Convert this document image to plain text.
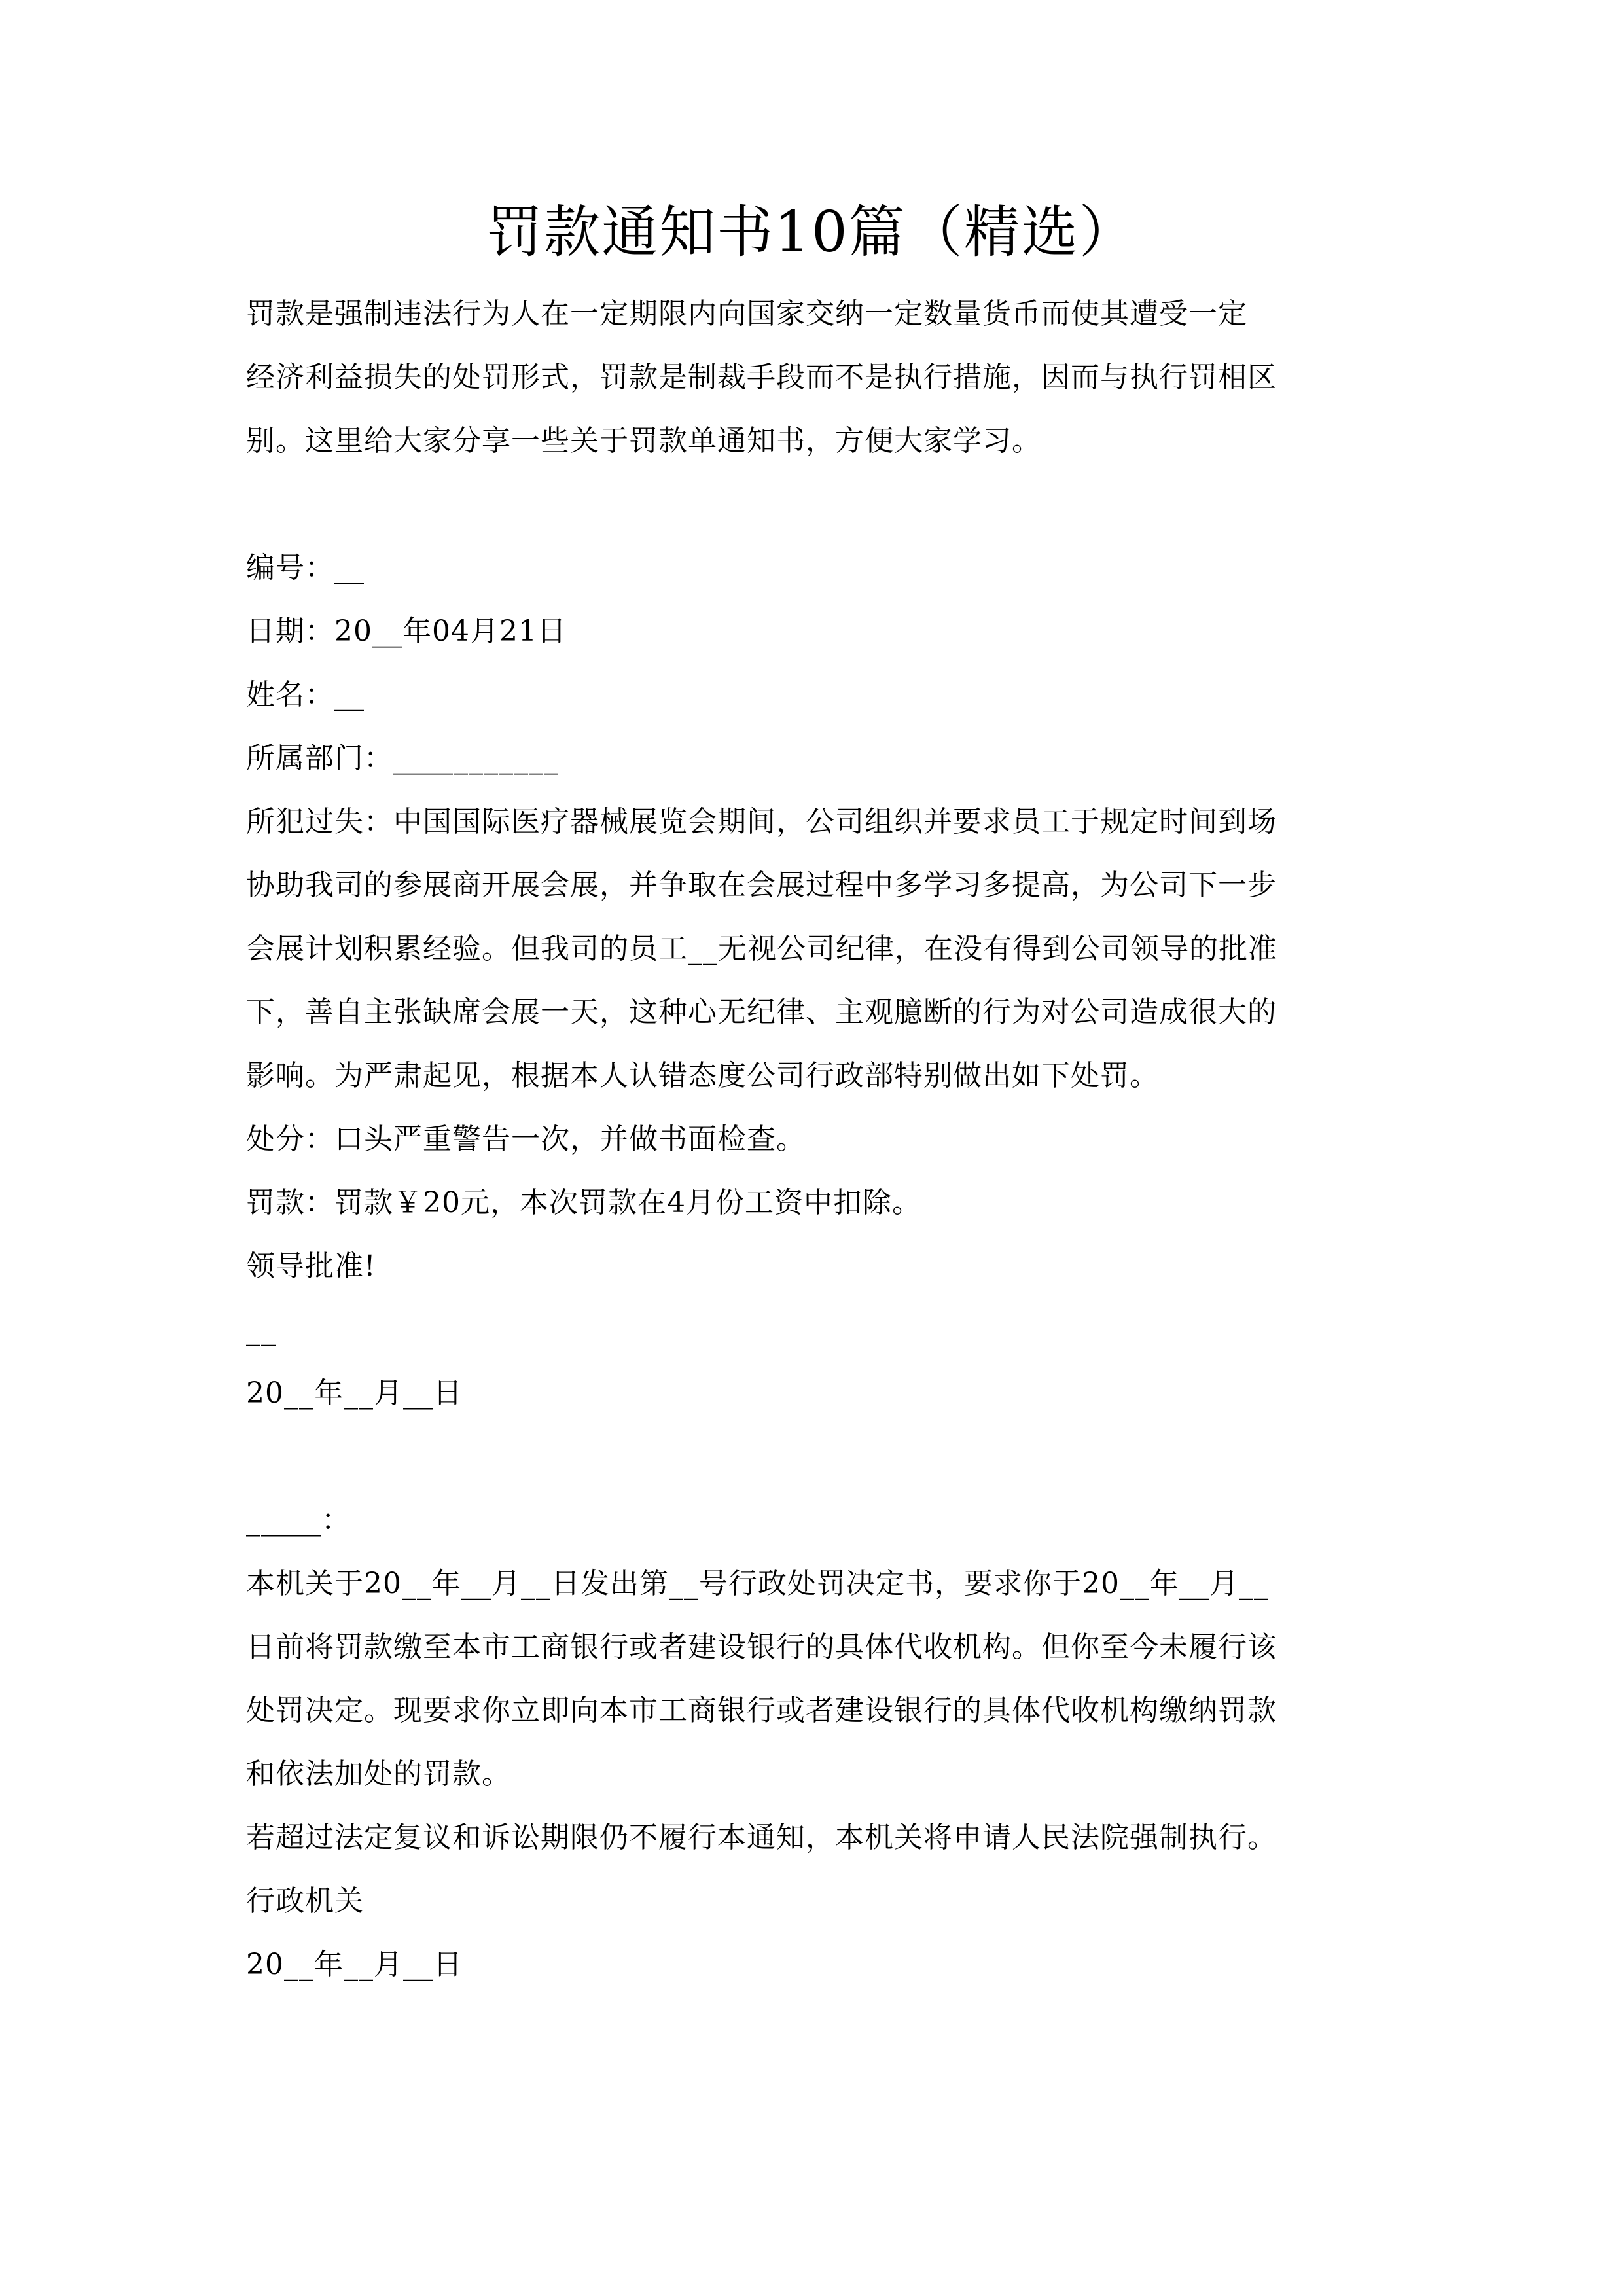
罚款通知书10篇（精选）
罚款是强制违法行为人在一定期限内向国家交纳一定数量货币而使其遭受一定
经济利益损失的处罚形式，罚款是制裁手段而不是执行措施，因而与执行罚相区
别。这里给大家分享一些关于罚款单通知书，方便大家学习。
编号：__
日期：20__年04月21日
姓名：__
所属部门：___________
所犯过失：中国国际医疗器械展览会期间，公司组织并要求员工于规定时间到场
协助我司的参展商开展会展，并争取在会展过程中多学习多提高，为公司下一步
会展计划积累经验。但我司的员工__无视公司纪律，在没有得到公司领导的批准
下，善自主张缺席会展一天，这种心无纪律、主观臆断的行为对公司造成很大的
影响。为严肃起见，根据本人认错态度公司行政部特别做出如下处罚。
处分：口头严重警告一次，并做书面检查。
罚款：罚款￥20元，本次罚款在4月份工资中扣除。
领导批准!
__
20__年__月__日
_____：
本机关于20__年__月__日发出第__号行政处罚决定书，要求你于20__年__月__
日前将罚款缴至本市工商银行或者建设银行的具体代收机构。但你至今未履行该
处罚决定。现要求你立即向本市工商银行或者建设银行的具体代收机构缴纳罚款
和依法加处的罚款。
若超过法定复议和诉讼期限仍不履行本通知，本机关将申请人民法院强制执行。
行政机关
20__年__月__日
